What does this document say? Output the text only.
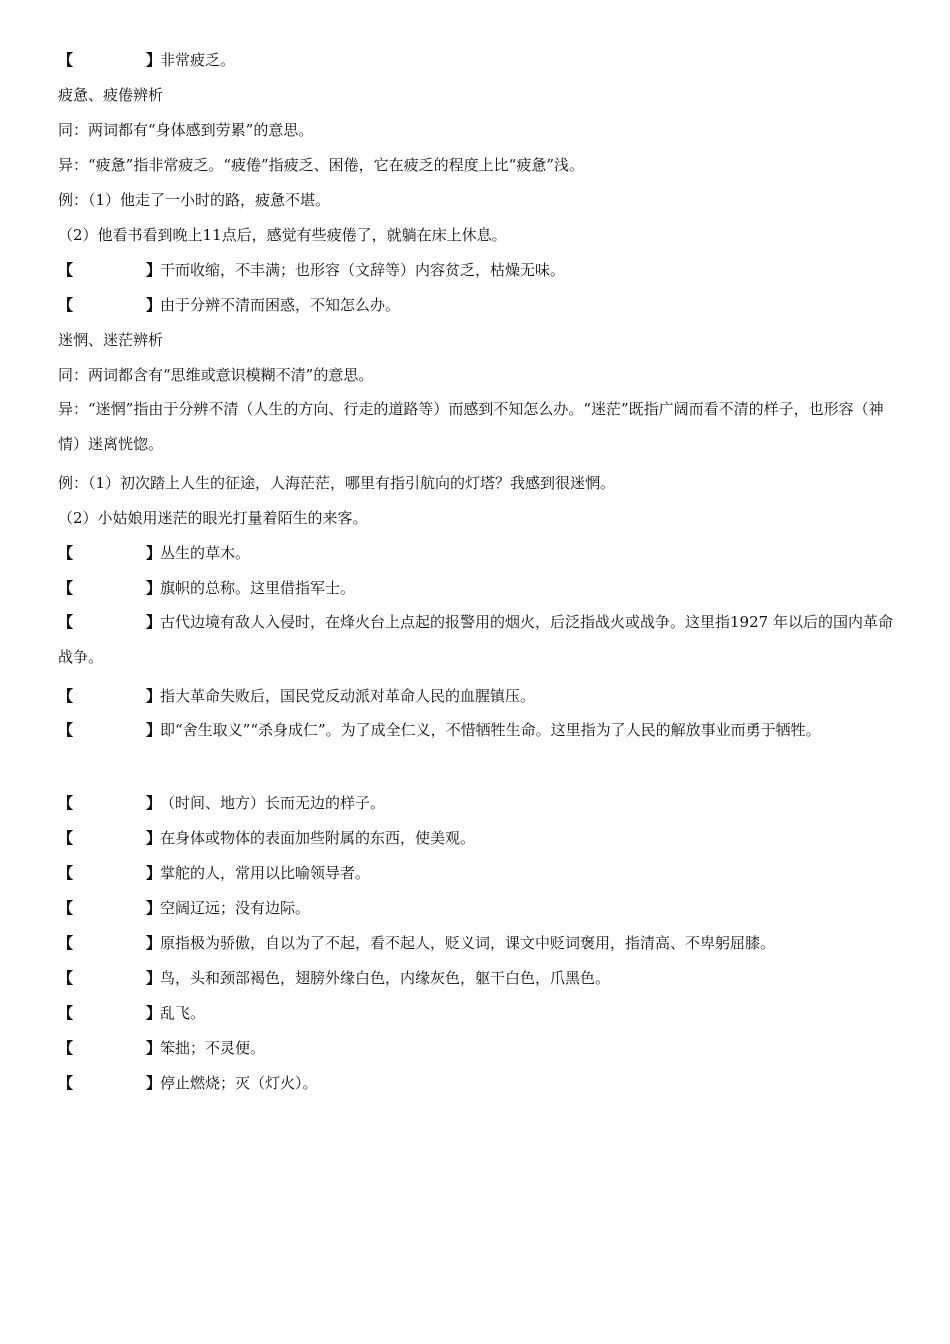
【	】非常疲乏。
疲惫、疲倦辨析
同：两词都有“身体感到劳累”的意思。
异：“疲惫”指非常疲乏。“疲倦”指疲乏、困倦，它在疲乏的程度上比“疲惫”浅。
例：（1）他走了一小时的路，疲惫不堪。
（2）他看书看到晚上11点后，感觉有些疲倦了，就躺在床上休息。
【	】干而收缩，不丰满；也形容（文辞等）内容贫乏，枯燥无味。
【	】由于分辨不清而困惑，不知怎么办。
迷惘、迷茫辨析
同：两词都含有“思维或意识模糊不清”的意思。
异：“迷惘”指由于分辨不清（人生的方向、行走的道路等）而感到不知怎么办。“迷茫”既指广阔而看不清的样子，也形容（神情）迷离恍惚。
例：（1）初次踏上人生的征途，人海茫茫，哪里有指引航向的灯塔？我感到很迷惘。
（2）小姑娘用迷茫的眼光打量着陌生的来客。
【	】丛生的草木。
【	】旗帜的总称。这里借指军士。
【	】古代边境有敌人入侵时，在烽火台上点起的报警用的烟火，后泛指战火或战争。这里指1927 年以后的国内革命战争。
【	】指大革命失败后，国民党反动派对革命人民的血腥镇压。
【	】即“舍生取义”“杀身成仁”。为了成全仁义，不惜牺牲生命。这里指为了人民的解放事业而勇于牺牲。
【	】（时间、地方）长而无边的样子。
【	】在身体或物体的表面加些附属的东西，使美观。
【	】掌舵的人，常用以比喻领导者。
【	】空阔辽远；没有边际。
【	】原指极为骄傲，自以为了不起，看不起人，贬义词，课文中贬词褒用，指清高、不卑躬屈膝。
【	】鸟，头和颈部褐色，翅膀外缘白色，内缘灰色，躯干白色，爪黑色。
【	】乱飞。
【	】笨拙；不灵便。
【	】停止燃烧；灭（灯火）。
